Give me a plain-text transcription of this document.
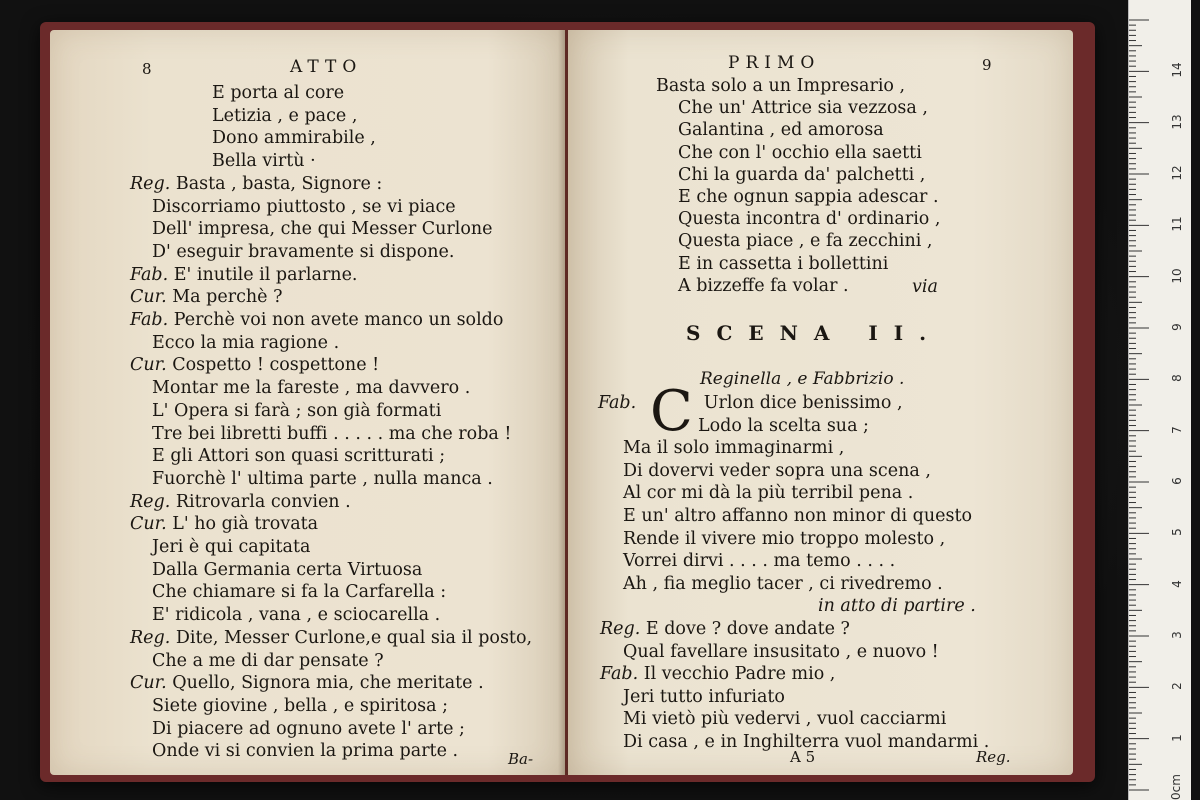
8	ATTO
E porta al core
Letizia , e pace ,
Dono ammirabile ,
Bella virtù ·
Reg. Basta , basta, Signore :
Discorriamo piuttosto , se vi piace
Dell' impresa, che qui Messer Curlone
D' eseguir bravamente si dispone.
Fab. E' inutile il parlarne.
Cur. Ma perchè ?
Fab. Perchè voi non avete manco un soldo
Ecco la mia ragione .
Cur. Cospetto ! cospettone !
Montar me la fareste , ma davvero .
L' Opera si farà ; son già formati
Tre bei libretti buffi . . . . . ma che roba !
E gli Attori son quasi scritturati ;
Fuorchè l' ultima parte , nulla manca .
Reg. Ritrovarla convien .
Cur. L' ho già trovata
Jeri è qui capitata
Dalla Germania certa Virtuosa
Che chiamare si fa la Carfarella :
E' ridicola , vana , e sciocarella .
Reg. Dite, Messer Curlone,e qual sia il posto,
Che a me di dar pensate ?
Cur. Quello, Signora mia, che meritate .
Siete giovine , bella , e spiritosa ;
Di piacere ad ognuno avete l' arte ;
Onde vi si convien la prima parte .	Ba-
PRIMO	9
Basta solo a un Impresario ,
Che un' Attrice sia vezzosa ,
Galantina , ed amorosa
Che con l' occhio ella saetti
Chi la guarda da' palchetti ,
E che ognun sappia adescar .
Questa incontra d' ordinario ,
Questa piace , e fa zecchini ,
E in cassetta i bollettini
A bizzeffe fa volar .	via
SCENA II.
Reginella , e Fabbrizio .
C
Fab.	Urlon dice benissimo ,
Lodo la scelta sua ;
Ma il solo immaginarmi ,
Di dovervi veder sopra una scena ,
Al cor mi dà la più terribil pena .
E un' altro affanno non minor di questo
Rende il vivere mio troppo molesto ,
Vorrei dirvi . . . . ma temo . . . .
Ah , fia meglio tacer , ci rivedremo .
in atto di partire .
Reg. E dove ? dove andate ?
Qual favellare insusitato , e nuovo !
Fab. Il vecchio Padre mio ,
Jeri tutto infuriato
Mi vietò più vedervi , vuol cacciarmi
Di casa , e in Inghilterra vuol mandarmi .
A 5	Reg.
14
13
12
11
10
9
8
7
6
5
4
3
2
1
0cm
